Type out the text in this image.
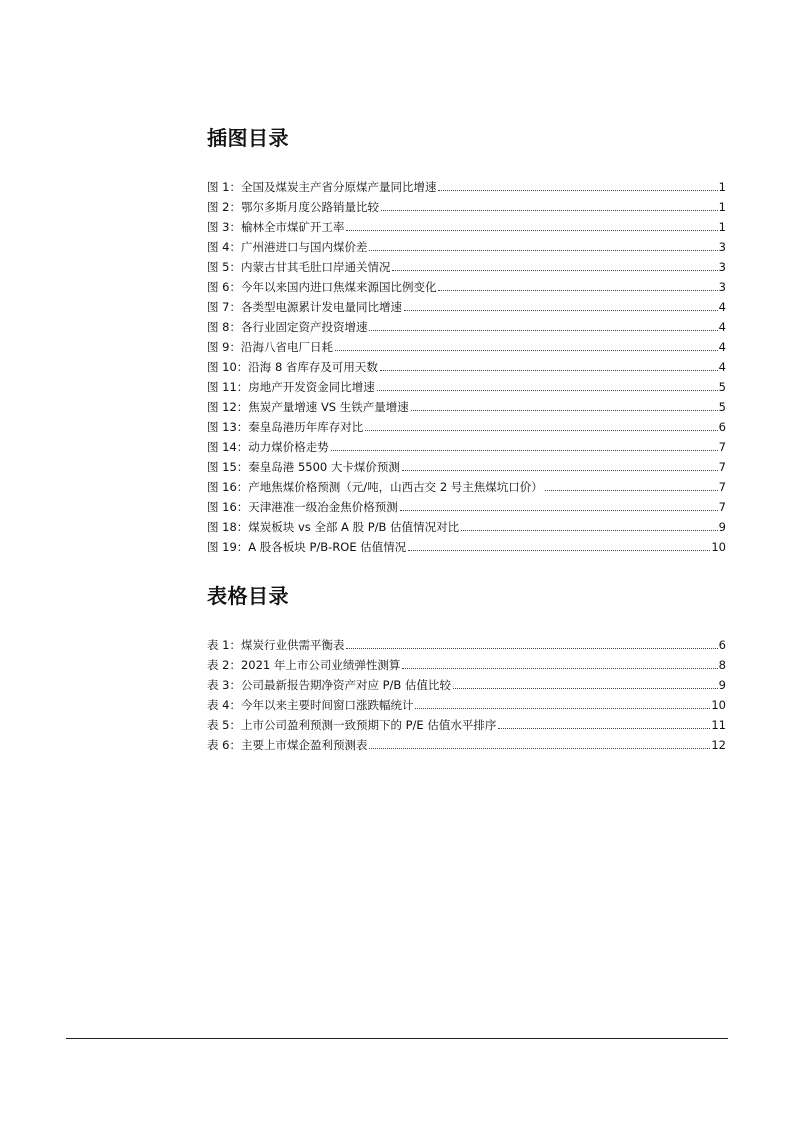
插图目录
图 1：全国及煤炭主产省分原煤产量同比增速	1
图 2：鄂尔多斯月度公路销量比较	1
图 3：榆林全市煤矿开工率	1
图 4：广州港进口与国内煤价差	3
图 5：内蒙古甘其毛肚口岸通关情况	3
图 6：今年以来国内进口焦煤来源国比例变化	3
图 7：各类型电源累计发电量同比增速	4
图 8：各行业固定资产投资增速	4
图 9：沿海八省电厂日耗	4
图 10：沿海 8 省库存及可用天数	4
图 11：房地产开发资金同比增速	5
图 12：焦炭产量增速 VS 生铁产量增速	5
图 13：秦皇岛港历年库存对比	6
图 14：动力煤价格走势	7
图 15：秦皇岛港 5500 大卡煤价预测	7
图 16：产地焦煤价格预测（元/吨，山西古交 2 号主焦煤坑口价）	7
图 16：天津港准一级冶金焦价格预测	7
图 18：煤炭板块 vs 全部 A 股 P/B 估值情况对比	9
图 19：A 股各板块 P/B-ROE 估值情况	10
表格目录
表 1：煤炭行业供需平衡表	6
表 2：2021 年上市公司业绩弹性测算	8
表 3：公司最新报告期净资产对应 P/B 估值比较	9
表 4：今年以来主要时间窗口涨跌幅统计	10
表 5：上市公司盈利预测一致预期下的 P/E 估值水平排序	11
表 6：主要上市煤企盈利预测表	12
